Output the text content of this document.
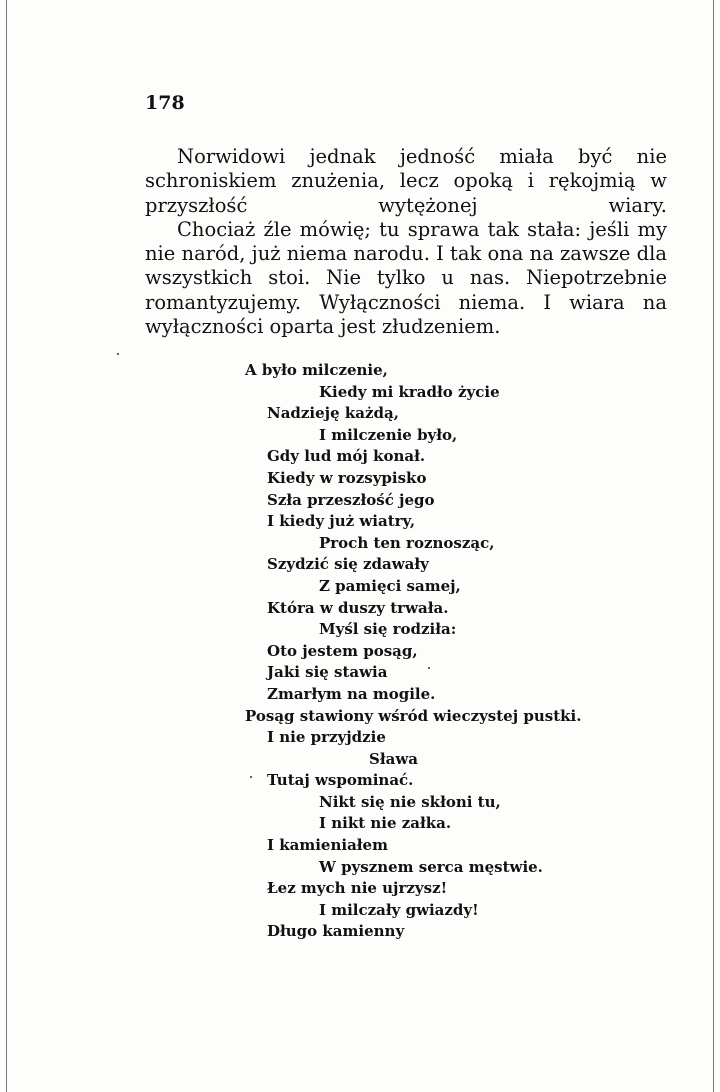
178

Norwidowi jednak jedność miała być nie schroniskiem znużenia, lecz opoką i rękojmią w przyszłość wytężonej wiary.

Chociaż źle mówię; tu sprawa tak stała: jeśli my nie naród, już niema narodu. I tak ona na zawsze dla wszystkich stoi. Nie tylko u nas. Niepotrzebnie romantyzujemy. Wyłączności niema. I wiara na wyłączności oparta jest złudzeniem.

A było milczenie,
Kiedy mi kradło życie
Nadzieję każdą,
I milczenie było,
Gdy lud mój konał.
Kiedy w rozsypisko
Szła przeszłość jego
I kiedy już wiatry,
Proch ten roznosząc,
Szydzić się zdawały
Z pamięci samej,
Która w duszy trwała.
Myśl się rodziła:
Oto jestem posąg,
Jaki się stawia
Zmarłym na mogile.
Posąg stawiony wśród wieczystej pustki.
I nie przyjdzie
Sława
Tutaj wspominać.
Nikt się nie skłoni tu,
I nikt nie załka.
I kamieniałem
W pysznem serca męstwie.
Łez mych nie ujrzysz!
I milczały gwiazdy!
Długo kamienny
